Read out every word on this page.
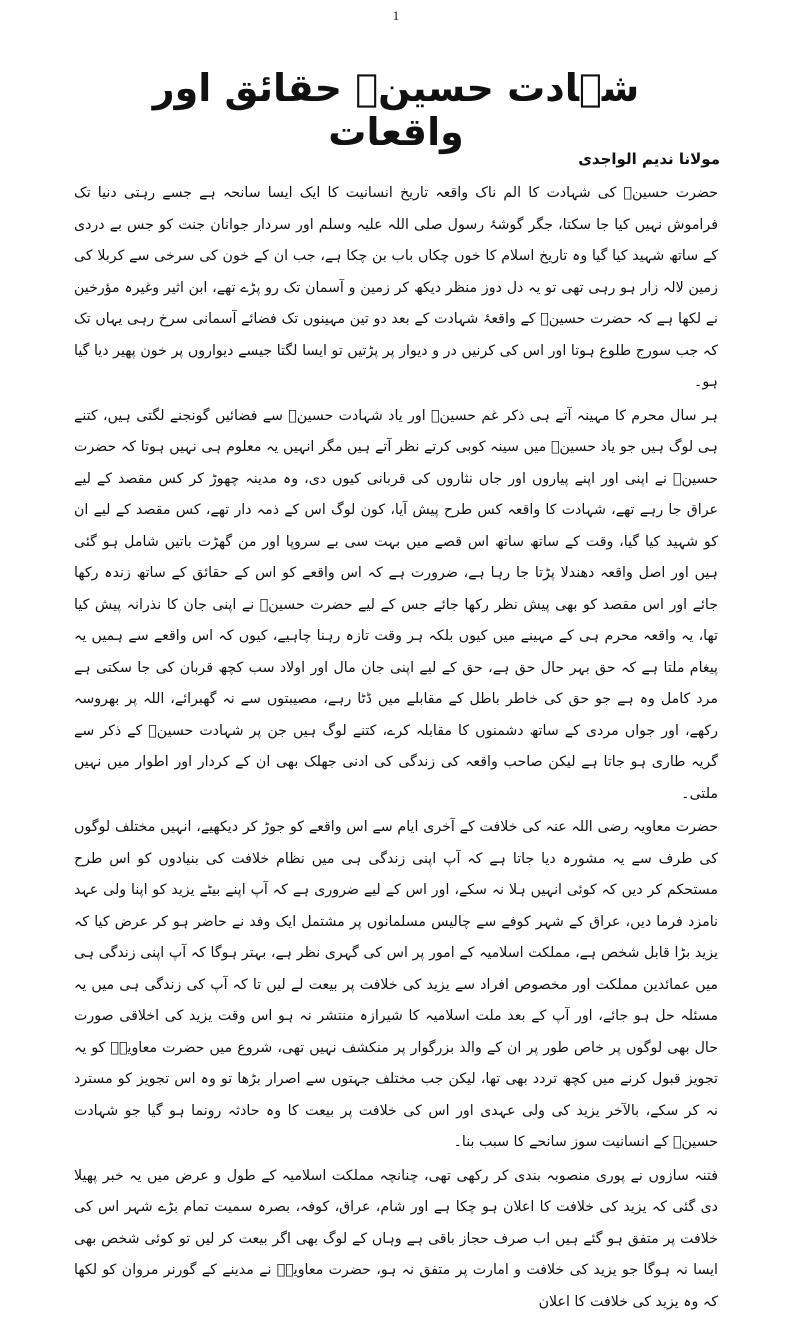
1
شہادت حسینؓ حقائق اور واقعات
مولانا ندیم الواجدی

حضرت حسینؓ کی شہادت کا الم ناک واقعہ تاریخ انسانیت کا ایک ایسا سانحہ ہے جسے رہتی دنیا تک فراموش نہیں کیا جا سکتا، جگر گوشۂ رسول صلی اللہ علیہ وسلم اور سردار جوانان جنت کو جس بے دردی کے ساتھ شہید کیا گیا وہ تاریخ اسلام کا خوں چکاں باب بن چکا ہے، جب ان کے خون کی سرخی سے کربلا کی زمین لالہ زار ہو رہی تھی تو یہ دل دوز منظر دیکھ کر زمین و آسمان تک رو پڑے تھے، ابن اثیر وغیرہ مؤرخین نے لکھا ہے کہ حضرت حسینؓ کے واقعۂ شہادت کے بعد دو تین مہینوں تک فضائے آسمانی سرخ رہی یہاں تک کہ جب سورج طلوع ہوتا اور اس کی کرنیں در و دیوار پر پڑتیں تو ایسا لگتا جیسے دیواروں پر خون پھیر دیا گیا ہو۔

ہر سال محرم کا مہینہ آتے ہی ذکر غم حسینؓ اور یاد شہادت حسینؓ سے فضائیں گونجنے لگتی ہیں، کتنے ہی لوگ ہیں جو یاد حسینؓ میں سینہ کوبی کرتے نظر آتے ہیں مگر انہیں یہ معلوم ہی نہیں ہوتا کہ حضرت حسینؓ نے اپنی اور اپنے پیاروں اور جاں نثاروں کی قربانی کیوں دی، وہ مدینہ چھوڑ کر کس مقصد کے لیے عراق جا رہے تھے، شہادت کا واقعہ کس طرح پیش آیا، کون لوگ اس کے ذمہ دار تھے، کس مقصد کے لیے ان کو شہید کیا گیا، وقت کے ساتھ ساتھ اس قصے میں بہت سی بے سروپا اور من گھڑت باتیں شامل ہو گئی ہیں اور اصل واقعہ دھندلا پڑتا جا رہا ہے، ضرورت ہے کہ اس واقعے کو اس کے حقائق کے ساتھ زندہ رکھا جائے اور اس مقصد کو بھی پیش نظر رکھا جائے جس کے لیے حضرت حسینؓ نے اپنی جان کا نذرانہ پیش کیا تھا، یہ واقعہ محرم ہی کے مہینے میں کیوں بلکہ ہر وقت تازہ رہنا چاہیے، کیوں کہ اس واقعے سے ہمیں یہ پیغام ملتا ہے کہ حق بہر حال حق ہے، حق کے لیے اپنی جان مال اور اولاد سب کچھ قربان کی جا سکتی ہے مرد کامل وہ ہے جو حق کی خاطر باطل کے مقابلے میں ڈٹا رہے، مصیبتوں سے نہ گھبرائے، اللہ پر بھروسہ رکھے، اور جواں مردی کے ساتھ دشمنوں کا مقابلہ کرے، کتنے لوگ ہیں جن پر شہادت حسینؓ کے ذکر سے گریہ طاری ہو جاتا ہے لیکن صاحب واقعہ کی زندگی کی ادنی جھلک بھی ان کے کردار اور اطوار میں نہیں ملتی۔

حضرت معاویہ رضی اللہ عنہ کی خلافت کے آخری ایام سے اس واقعے کو جوڑ کر دیکھیے، انہیں مختلف لوگوں کی طرف سے یہ مشورہ دیا جاتا ہے کہ آپ اپنی زندگی ہی میں نظام خلافت کی بنیادوں کو اس طرح مستحکم کر دیں کہ کوئی انہیں ہلا نہ سکے، اور اس کے لیے ضروری ہے کہ آپ اپنے بیٹے یزید کو اپنا ولی عہد نامزد فرما دیں، عراق کے شہر کوفے سے چالیس مسلمانوں پر مشتمل ایک وفد نے حاضر ہو کر عرض کیا کہ یزید بڑا قابل شخص ہے، مملکت اسلامیہ کے امور پر اس کی گہری نظر ہے، بہتر ہوگا کہ آپ اپنی زندگی ہی میں عمائدین مملکت اور مخصوص افراد سے یزید کی خلافت پر بیعت لے لیں تا کہ آپ کی زندگی ہی میں یہ مسئلہ حل ہو جائے، اور آپ کے بعد ملت اسلامیہ کا شیرازہ منتشر نہ ہو اس وقت یزید کی اخلاقی صورت حال بھی لوگوں پر خاص طور پر ان کے والد بزرگوار پر منکشف نہیں تھی، شروع میں حضرت معاویہؓ کو یہ تجویز قبول کرنے میں کچھ تردد بھی تھا، لیکن جب مختلف جہتوں سے اصرار بڑھا تو وہ اس تجویز کو مسترد نہ کر سکے، بالآخر یزید کی ولی عہدی اور اس کی خلافت پر بیعت کا وہ حادثہ رونما ہو گیا جو شہادت حسینؓ کے انسانیت سوز سانحے کا سبب بنا۔

فتنہ سازوں نے پوری منصوبہ بندی کر رکھی تھی، چنانچہ مملکت اسلامیہ کے طول و عرض میں یہ خبر پھیلا دی گئی کہ یزید کی خلافت کا اعلان ہو چکا ہے اور شام، عراق، کوفہ، بصرہ سمیت تمام بڑے شہر اس کی خلافت پر متفق ہو گئے ہیں اب صرف حجاز باقی ہے وہاں کے لوگ بھی اگر بیعت کر لیں تو کوئی شخص بھی ایسا نہ ہوگا جو یزید کی خلافت و امارت پر متفق نہ ہو، حضرت معاویہؓ نے مدینے کے گورنر مروان کو لکھا کہ وہ یزید کی خلافت کا اعلان
